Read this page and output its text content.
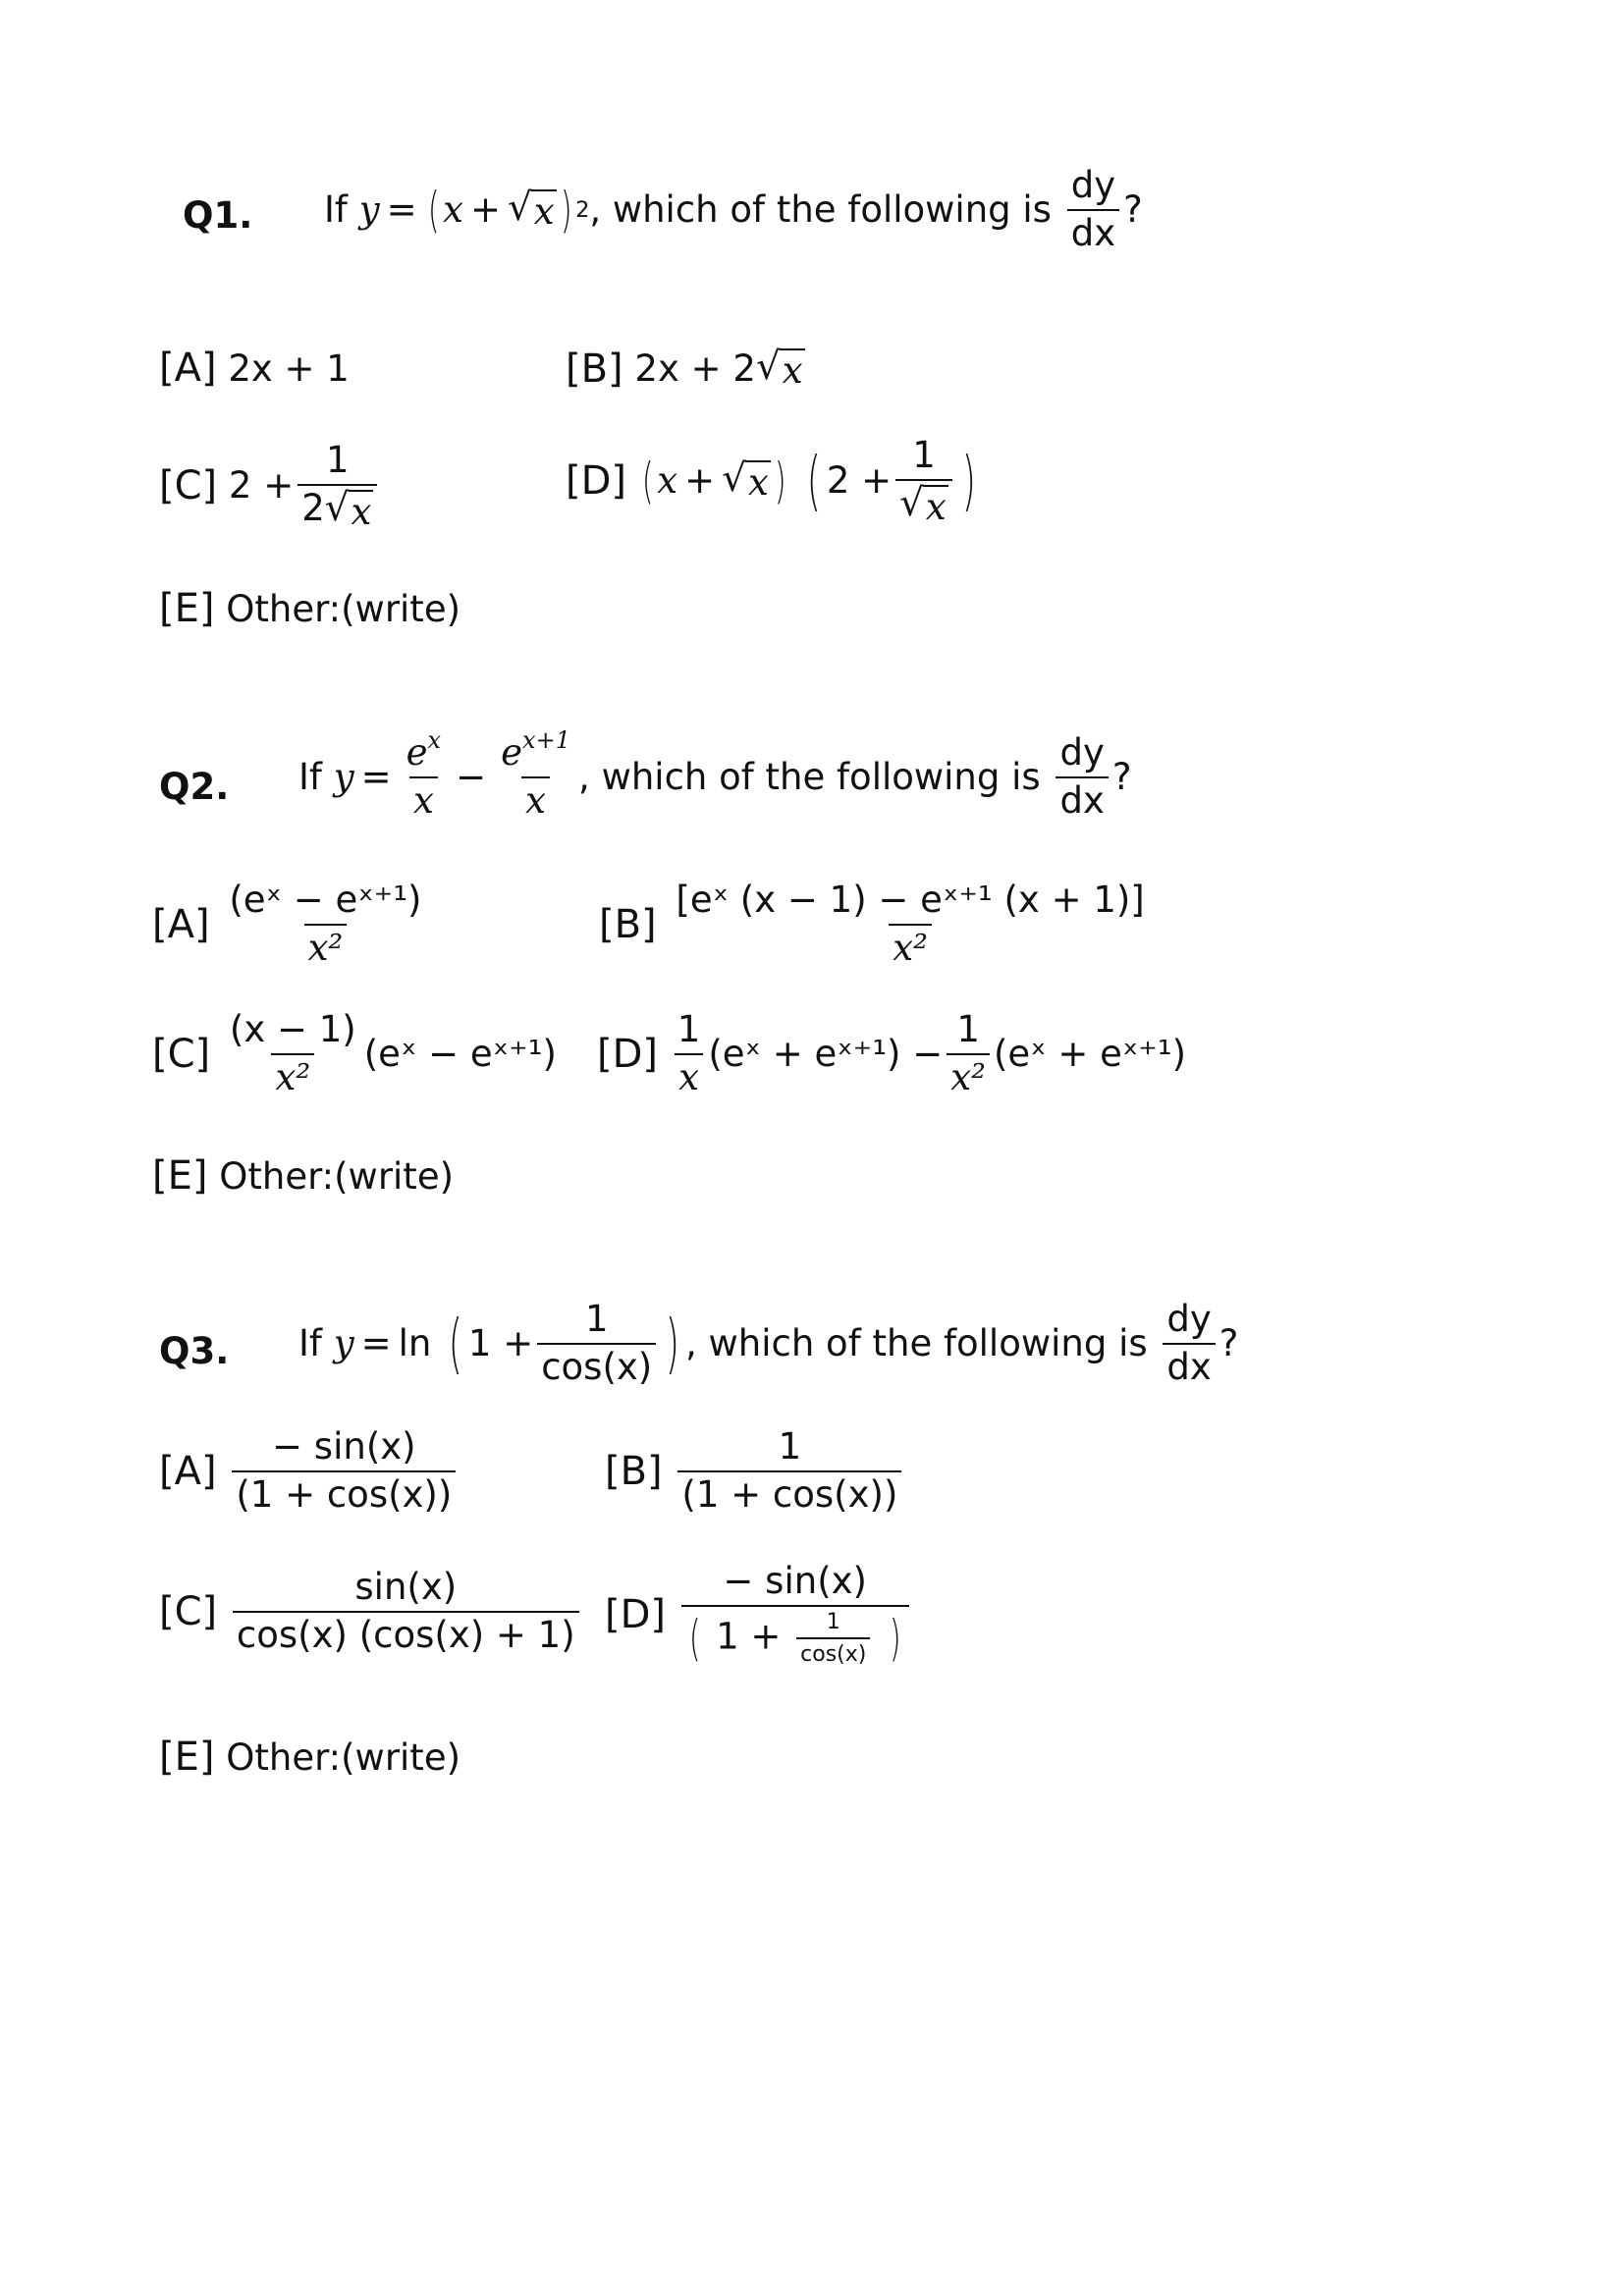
Q1. If
y = ( x + √ x ) 2 ,
which of the following is
$\frac{dy}{dx}$ ?
[A]
2x + 1	[B]
2x + 2 √ x
[C]
$2 + \frac{1}{2 √ x}$	[D]
( x + √ x )
( $2 + \frac{1}{√ x}$ )
[E]
Other:(write)
Q2. If
$y = \frac{e^x}{x} - \frac{e^{x+1}}{x}$ ,
which of the following is
$\frac{dy}{dx}$ ?
[A]
$\frac{\text{(eˣ − eˣ⁺¹)}}{\text{x²}}$	[B]
$\frac{\text{[eˣ (x − 1) − eˣ⁺¹ (x + 1)]}}{\text{x²}}$
[C]
$\frac{(x - 1)}{\text{x²}}$ (eˣ − eˣ⁺¹) [D]
$\frac{1}{x}$ (eˣ + eˣ⁺¹) − $\frac{1}{\text{x²}}$ (eˣ + eˣ⁺¹)
[E]
Other:(write)
Q3. If
y = ln
( $1 + \frac{1}{\cos(x)}$ ) ,
which of the following is
$\frac{dy}{dx}$ ?
[A]
$\frac{- \sin(x)}{(1 + \cos(x))}$	[B]
$\frac{1}{(1 + \cos(x))}$
[C]
$\frac{\sin(x)}{\cos(x) (\cos(x) + 1)} [D]$

− sin(x)
( $1 + \frac{1}{\cos(x)}$ )
[E]
Other:(write)
